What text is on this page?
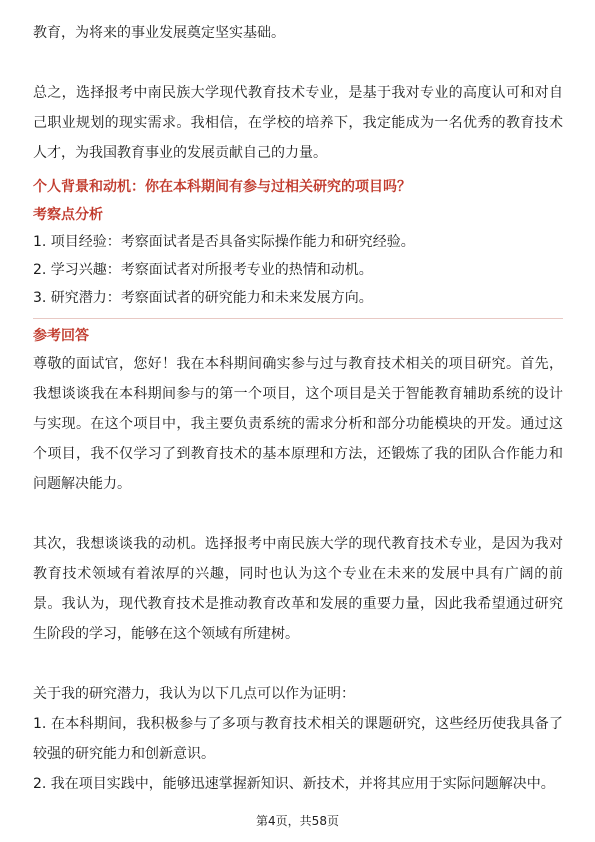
教育，为将来的事业发展奠定坚实基础。

总之，选择报考中南民族大学现代教育技术专业，是基于我对专业的高度认可和对自己职业规划的现实需求。我相信，在学校的培养下，我定能成为一名优秀的教育技术人才，为我国教育事业的发展贡献自己的力量。

个人背景和动机：你在本科期间有参与过相关研究的项目吗？

考察点分析

1. 项目经验：考察面试者是否具备实际操作能力和研究经验。

2. 学习兴趣：考察面试者对所报考专业的热情和动机。

3. 研究潜力：考察面试者的研究能力和未来发展方向。

参考回答

尊敬的面试官，您好！我在本科期间确实参与过与教育技术相关的项目研究。首先，我想谈谈我在本科期间参与的第一个项目，这个项目是关于智能教育辅助系统的设计与实现。在这个项目中，我主要负责系统的需求分析和部分功能模块的开发。通过这个项目，我不仅学习了到教育技术的基本原理和方法，还锻炼了我的团队合作能力和问题解决能力。

其次，我想谈谈我的动机。选择报考中南民族大学的现代教育技术专业，是因为我对教育技术领域有着浓厚的兴趣，同时也认为这个专业在未来的发展中具有广阔的前景。我认为，现代教育技术是推动教育改革和发展的重要力量，因此我希望通过研究生阶段的学习，能够在这个领域有所建树。

关于我的研究潜力，我认为以下几点可以作为证明：

1. 在本科期间，我积极参与了多项与教育技术相关的课题研究，这些经历使我具备了较强的研究能力和创新意识。

2. 我在项目实践中，能够迅速掌握新知识、新技术，并将其应用于实际问题解决中。

第4页，共58页
